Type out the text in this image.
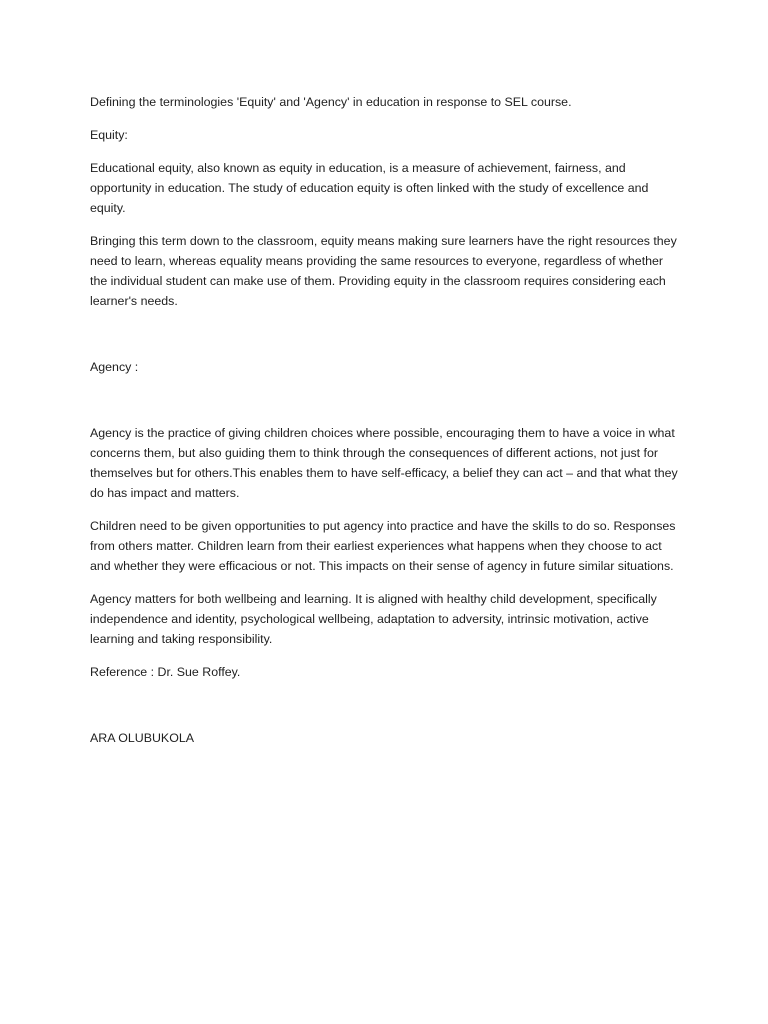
Defining the terminologies 'Equity' and 'Agency' in education in response to SEL course.

Equity:

Educational equity, also known as equity in education, is a measure of achievement, fairness, and opportunity in education. The study of education equity is often linked with the study of excellence and equity.

Bringing this term down to the classroom, equity means making sure learners have the right resources they need to learn, whereas equality means providing the same resources to everyone, regardless of whether the individual student can make use of them. Providing equity in the classroom requires considering each learner's needs.

Agency :

Agency is the practice of giving children choices where possible, encouraging them to have a voice in what concerns them, but also guiding them to think through the consequences of different actions, not just for themselves but for others.This enables them to have self-efficacy, a belief they can act – and that what they do has impact and matters.

Children need to be given opportunities to put agency into practice and have the skills to do so. Responses from others matter. Children learn from their earliest experiences what happens when they choose to act and whether they were efficacious or not. This impacts on their sense of agency in future similar situations.

Agency matters for both wellbeing and learning. It is aligned with healthy child development, specifically independence and identity, psychological wellbeing, adaptation to adversity, intrinsic motivation, active learning and taking responsibility.

Reference : Dr. Sue Roffey.

ARA OLUBUKOLA
